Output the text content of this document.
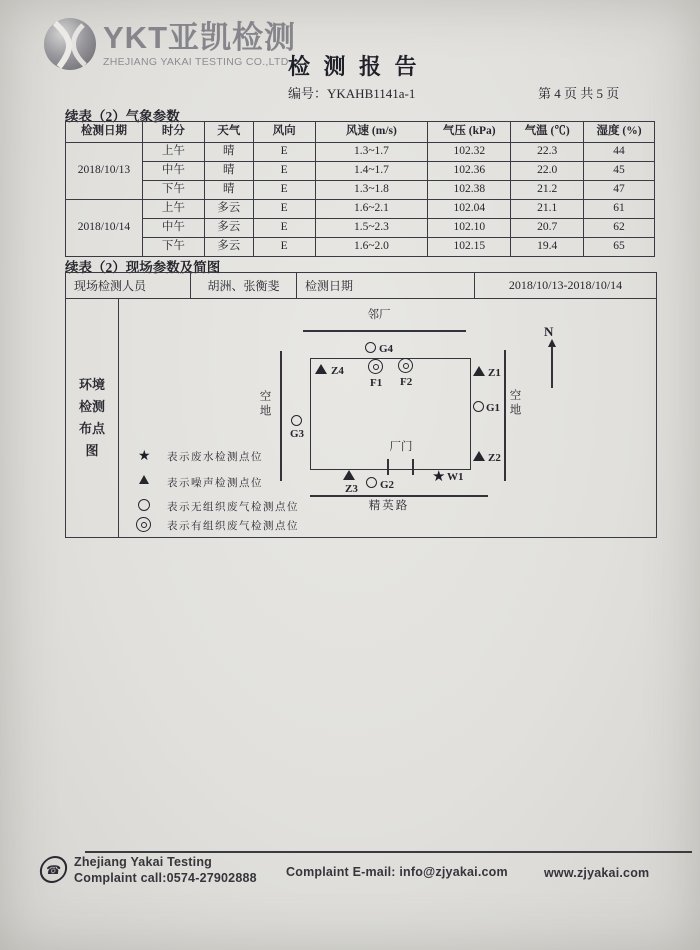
YKT亚凯检测
ZHEJIANG YAKAI TESTING CO.,LTD 检 测 报 告
编号：YKAHB1141a-1	第 4 页 共 5 页
续表（2）气象参数
检测日期	时分	天气	风向	风速 (m/s)	气压 (kPa)	气温 (℃)	湿度 (%)
2018/10/13	上午	晴	E	1.3~1.7	102.32	22.3	44
	中午	晴	E	1.4~1.7	102.36	22.0	45
	下午	晴	E	1.3~1.8	102.38	21.2	47
2018/10/14	上午	多云	E	1.6~2.1	102.04	21.1	61
	中午	多云	E	1.5~2.3	102.10	20.7	62
	下午	多云	E	1.6~2.0	102.15	19.4	65
续表（2）现场参数及简图
现场检测人员	胡洲、张衡斐	检测日期	2018/10/13-2018/10/14
环境检测布点图
邻厂
G4
Z4
F1 F2
Z1
G1
Z2
G3
厂门
Z3 G2	★ W1
精英路
空地	空地
N
★ 表示废水检测点位
表示噪声检测点位
表示无组织废气检测点位
表示有组织废气检测点位
☎
Zhejiang Yakai Testing
Complaint call:0574-27902888 Complaint E-mail: info@zjyakai.com	www.zjyakai.com
